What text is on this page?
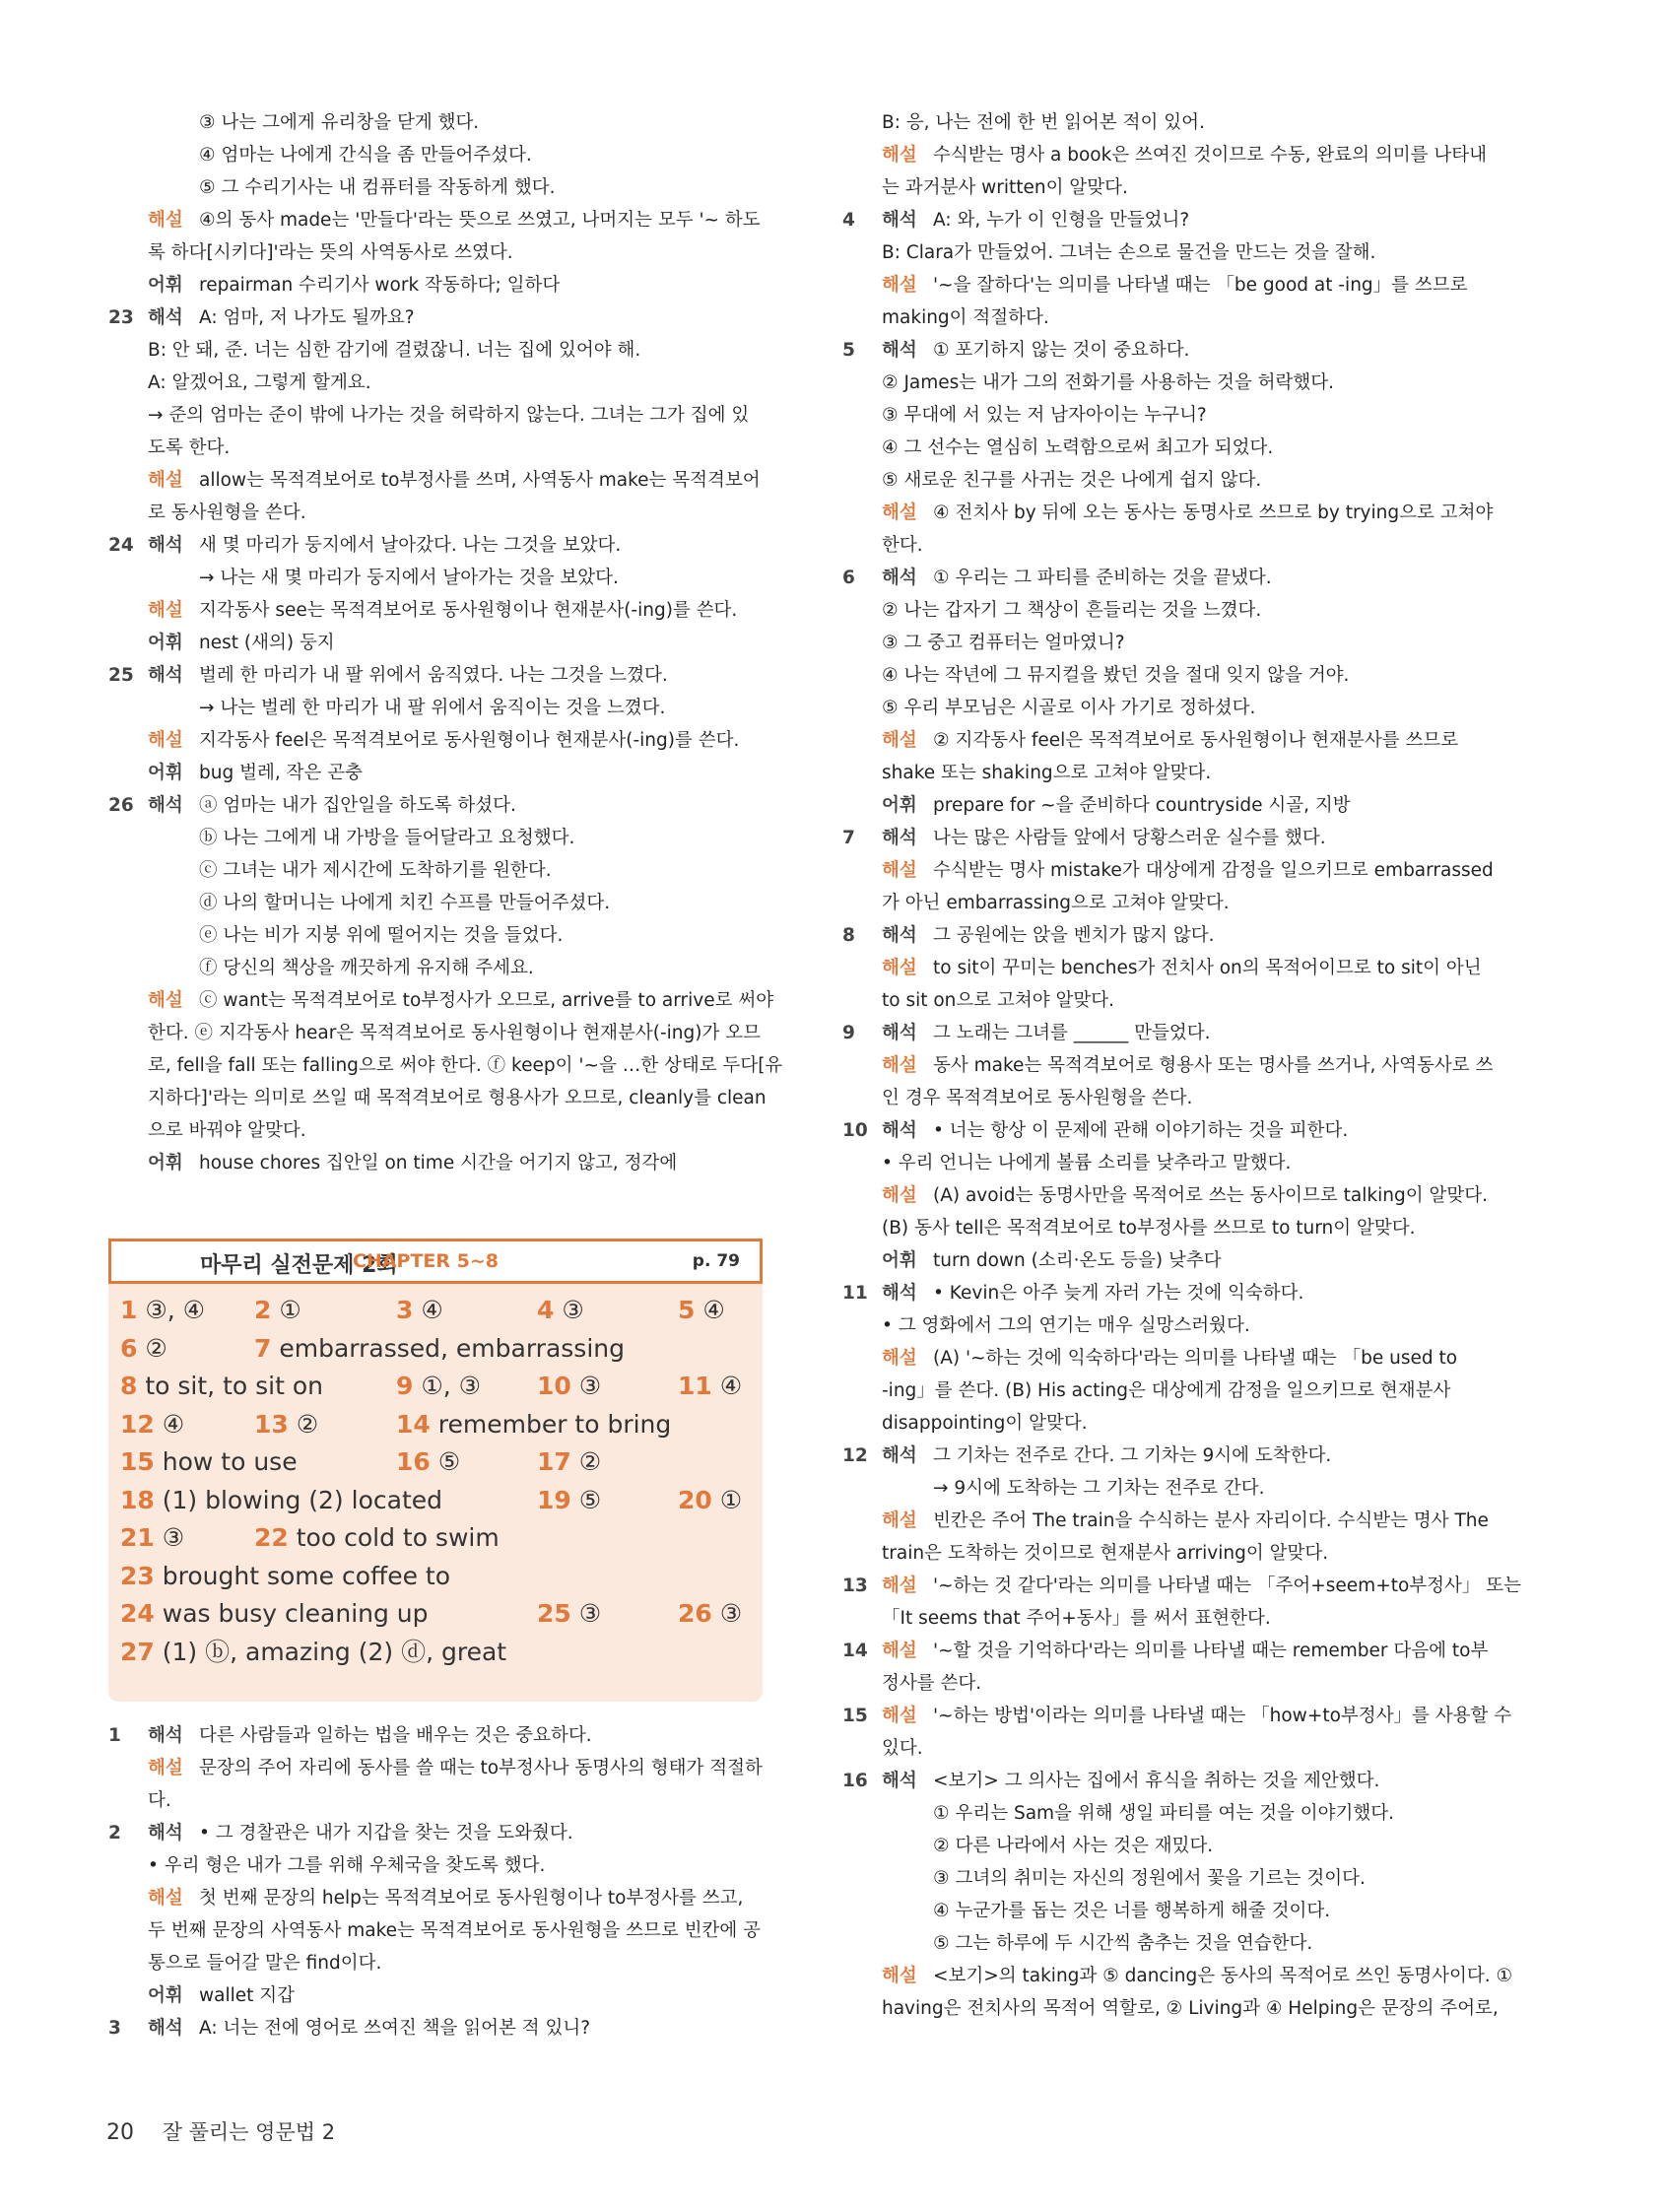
③ 나는 그에게 유리창을 닫게 했다.
④ 엄마는 나에게 간식을 좀 만들어주셨다.
⑤ 그 수리기사는 내 컴퓨터를 작동하게 했다.
해설 ④의 동사 made는 '만들다'라는 뜻으로 쓰였고, 나머지는 모두 '~ 하도
록 하다[시키다]'라는 뜻의 사역동사로 쓰였다.
어휘 repairman 수리기사 work 작동하다; 일하다
23 해석 A: 엄마, 저 나가도 될까요?
B: 안 돼, 준. 너는 심한 감기에 걸렸잖니. 너는 집에 있어야 해.
A: 알겠어요, 그렇게 할게요.
→ 준의 엄마는 준이 밖에 나가는 것을 허락하지 않는다. 그녀는 그가 집에 있
도록 한다.
해설 allow는 목적격보어로 to부정사를 쓰며, 사역동사 make는 목적격보어
로 동사원형을 쓴다.
24 해석 새 몇 마리가 둥지에서 날아갔다. 나는 그것을 보았다.
→ 나는 새 몇 마리가 둥지에서 날아가는 것을 보았다.
해설 지각동사 see는 목적격보어로 동사원형이나 현재분사(-ing)를 쓴다.
어휘 nest (새의) 둥지
25 해석 벌레 한 마리가 내 팔 위에서 움직였다. 나는 그것을 느꼈다.
→ 나는 벌레 한 마리가 내 팔 위에서 움직이는 것을 느꼈다.
해설 지각동사 feel은 목적격보어로 동사원형이나 현재분사(-ing)를 쓴다.
어휘 bug 벌레, 작은 곤충
26 해석 ⓐ 엄마는 내가 집안일을 하도록 하셨다.
ⓑ 나는 그에게 내 가방을 들어달라고 요청했다.
ⓒ 그녀는 내가 제시간에 도착하기를 원한다.
ⓓ 나의 할머니는 나에게 치킨 수프를 만들어주셨다.
ⓔ 나는 비가 지붕 위에 떨어지는 것을 들었다.
ⓕ 당신의 책상을 깨끗하게 유지해 주세요.
해설 ⓒ want는 목적격보어로 to부정사가 오므로, arrive를 to arrive로 써야
한다. ⓔ 지각동사 hear은 목적격보어로 동사원형이나 현재분사(-ing)가 오므
로, fell을 fall 또는 falling으로 써야 한다. ⓕ keep이 '~을 …한 상태로 두다[유
지하다]'라는 의미로 쓰일 때 목적격보어로 형용사가 오므로, cleanly를 clean
으로 바꿔야 알맞다.
어휘 house chores 집안일 on time 시간을 어기지 않고, 정각에
마무리 실전문제 2회
CHAPTER 5~8	p. 79
1 ③, ④ 2 ①	3 ④	4 ③	5 ④
6 ②	7 embarrassed, embarrassing
8 to sit, to sit on	9 ①, ③ 10 ③	11 ④
12 ④	13 ②	14 remember to bring
15 how to use	16 ⑤	17 ②
18 (1) blowing (2) located	19 ⑤	20 ①
21 ③	22 too cold to swim
23 brought some coffee to
24 was busy cleaning up	25 ③	26 ③
27 (1) ⓑ, amazing (2) ⓓ, great
1	해석 다른 사람들과 일하는 법을 배우는 것은 중요하다.
해설 문장의 주어 자리에 동사를 쓸 때는 to부정사나 동명사의 형태가 적절하
다.
2	해석 • 그 경찰관은 내가 지갑을 찾는 것을 도와줬다.
• 우리 형은 내가 그를 위해 우체국을 찾도록 했다.
해설 첫 번째 문장의 help는 목적격보어로 동사원형이나 to부정사를 쓰고,
두 번째 문장의 사역동사 make는 목적격보어로 동사원형을 쓰므로 빈칸에 공
통으로 들어갈 말은 find이다.
어휘 wallet 지갑
3	해석 A: 너는 전에 영어로 쓰여진 책을 읽어본 적 있니?
B: 응, 나는 전에 한 번 읽어본 적이 있어.
해설 수식받는 명사 a book은 쓰여진 것이므로 수동, 완료의 의미를 나타내
는 과거분사 written이 알맞다.
4	해석 A: 와, 누가 이 인형을 만들었니?
B: Clara가 만들었어. 그녀는 손으로 물건을 만드는 것을 잘해.
해설 '~을 잘하다'는 의미를 나타낼 때는 「be good at -ing」를 쓰므로
making이 적절하다.
5	해석 ① 포기하지 않는 것이 중요하다.
② James는 내가 그의 전화기를 사용하는 것을 허락했다.
③ 무대에 서 있는 저 남자아이는 누구니?
④ 그 선수는 열심히 노력함으로써 최고가 되었다.
⑤ 새로운 친구를 사귀는 것은 나에게 쉽지 않다.
해설 ④ 전치사 by 뒤에 오는 동사는 동명사로 쓰므로 by trying으로 고쳐야
한다.
6	해석 ① 우리는 그 파티를 준비하는 것을 끝냈다.
② 나는 갑자기 그 책상이 흔들리는 것을 느꼈다.
③ 그 중고 컴퓨터는 얼마였니?
④ 나는 작년에 그 뮤지컬을 봤던 것을 절대 잊지 않을 거야.
⑤ 우리 부모님은 시골로 이사 가기로 정하셨다.
해설 ② 지각동사 feel은 목적격보어로 동사원형이나 현재분사를 쓰므로
shake 또는 shaking으로 고쳐야 알맞다.
어휘 prepare for ~을 준비하다 countryside 시골, 지방
7	해석 나는 많은 사람들 앞에서 당황스러운 실수를 했다.
해설 수식받는 명사 mistake가 대상에게 감정을 일으키므로 embarrassed
가 아닌 embarrassing으로 고쳐야 알맞다.
8	해석 그 공원에는 앉을 벤치가 많지 않다.
해설 to sit이 꾸미는 benches가 전치사 on의 목적어이므로 to sit이 아닌
to sit on으로 고쳐야 알맞다.
9	해석 그 노래는 그녀를 ______ 만들었다.
해설 동사 make는 목적격보어로 형용사 또는 명사를 쓰거나, 사역동사로 쓰
인 경우 목적격보어로 동사원형을 쓴다.
10 해석 • 너는 항상 이 문제에 관해 이야기하는 것을 피한다.
• 우리 언니는 나에게 볼륨 소리를 낮추라고 말했다.
해설 (A) avoid는 동명사만을 목적어로 쓰는 동사이므로 talking이 알맞다.
(B) 동사 tell은 목적격보어로 to부정사를 쓰므로 to turn이 알맞다.
어휘 turn down (소리·온도 등을) 낮추다
11 해석 • Kevin은 아주 늦게 자러 가는 것에 익숙하다.
• 그 영화에서 그의 연기는 매우 실망스러웠다.
해설 (A) '~하는 것에 익숙하다'라는 의미를 나타낼 때는 「be used to
-ing」를 쓴다. (B) His acting은 대상에게 감정을 일으키므로 현재분사
disappointing이 알맞다.
12 해석 그 기차는 전주로 간다. 그 기차는 9시에 도착한다.
→ 9시에 도착하는 그 기차는 전주로 간다.
해설 빈칸은 주어 The train을 수식하는 분사 자리이다. 수식받는 명사 The
train은 도착하는 것이므로 현재분사 arriving이 알맞다.
13 해설 '~하는 것 같다'라는 의미를 나타낼 때는 「주어+seem+to부정사」 또는
「It seems that 주어+동사」를 써서 표현한다.
14 해설 '~할 것을 기억하다'라는 의미를 나타낼 때는 remember 다음에 to부
정사를 쓴다.
15 해설 '~하는 방법'이라는 의미를 나타낼 때는 「how+to부정사」를 사용할 수
있다.
16 해석 <보기> 그 의사는 집에서 휴식을 취하는 것을 제안했다.
① 우리는 Sam을 위해 생일 파티를 여는 것을 이야기했다.
② 다른 나라에서 사는 것은 재밌다.
③ 그녀의 취미는 자신의 정원에서 꽃을 기르는 것이다.
④ 누군가를 돕는 것은 너를 행복하게 해줄 것이다.
⑤ 그는 하루에 두 시간씩 춤추는 것을 연습한다.
해설 <보기>의 taking과 ⑤ dancing은 동사의 목적어로 쓰인 동명사이다. ①
having은 전치사의 목적어 역할로, ② Living과 ④ Helping은 문장의 주어로,
20 잘 풀리는 영문법 2
